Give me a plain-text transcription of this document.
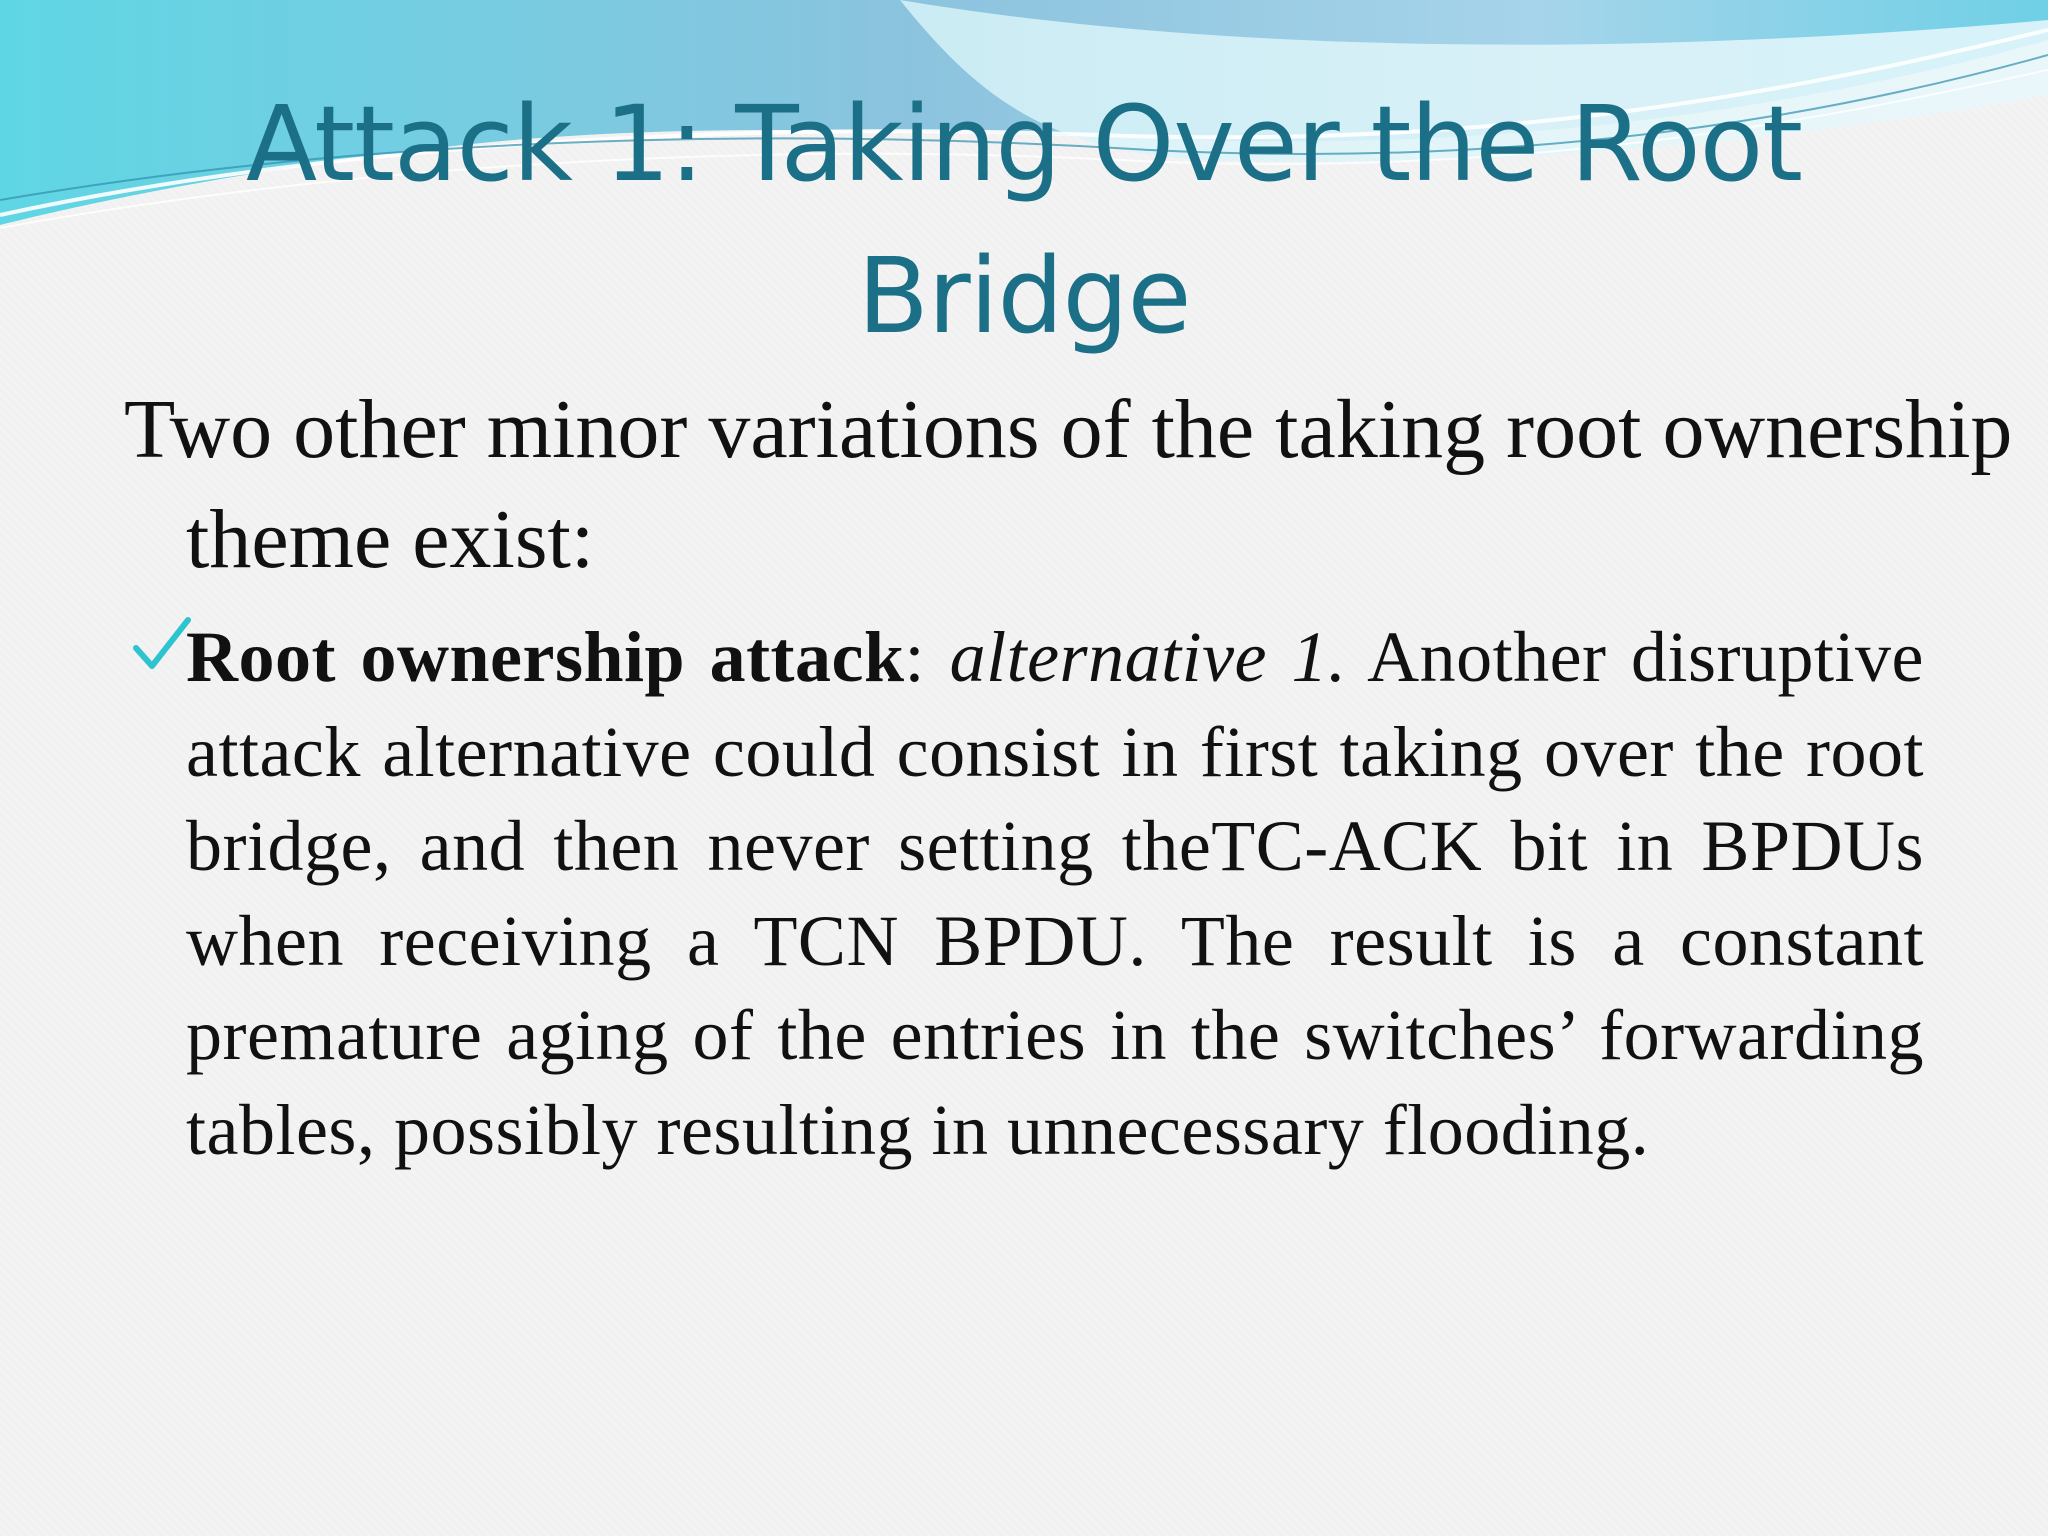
Attack 1: Taking Over the Root Bridge

Two other minor variations of the taking root ownership theme exist:

Root ownership attack: alternative 1. Another disruptive attack alternative could consist in first taking over the root bridge, and then never setting theTC-ACK bit in BPDUs when receiving a TCN BPDU. The result is a constant premature aging of the entries in the switches’ forwarding tables, possibly resulting in unnecessary flooding.
